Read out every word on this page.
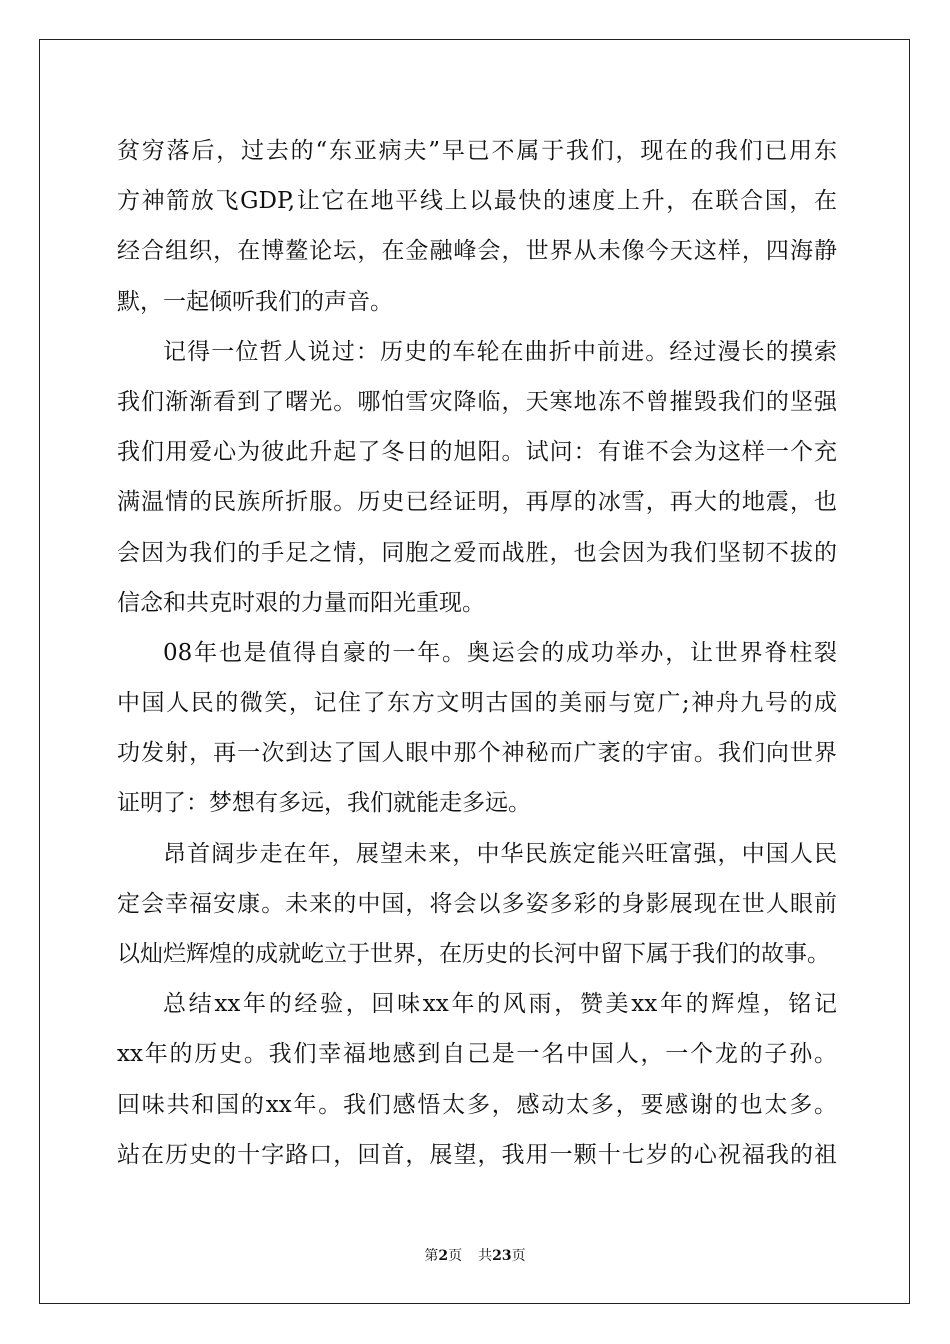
贫穷落后，过去的“东亚病夫”早已不属于我们，现在的我们已用东
方神箭放飞GDP,让它在地平线上以最快的速度上升，在联合国，在
经合组织，在博鳌论坛，在金融峰会，世界从未像今天这样，四海静
默，一起倾听我们的声音。
记得一位哲人说过：历史的车轮在曲折中前进。经过漫长的摸索
我们渐渐看到了曙光。哪怕雪灾降临，天寒地冻不曾摧毁我们的坚强
我们用爱心为彼此升起了冬日的旭阳。试问：有谁不会为这样一个充
满温情的民族所折服。历史已经证明，再厚的冰雪，再大的地震，也
会因为我们的手足之情，同胞之爱而战胜，也会因为我们坚韧不拔的
信念和共克时艰的力量而阳光重现。
08年也是值得自豪的一年。奥运会的成功举办，让世界脊柱裂
中国人民的微笑，记住了东方文明古国的美丽与宽广;神舟九号的成
功发射，再一次到达了国人眼中那个神秘而广袤的宇宙。我们向世界
证明了：梦想有多远，我们就能走多远。
昂首阔步走在年，展望未来，中华民族定能兴旺富强，中国人民
定会幸福安康。未来的中国，将会以多姿多彩的身影展现在世人眼前
以灿烂辉煌的成就屹立于世界，在历史的长河中留下属于我们的故事。
总结xx年的经验，回味xx年的风雨，赞美xx年的辉煌，铭记
xx年的历史。我们幸福地感到自己是一名中国人，一个龙的子孙。
回味共和国的xx年。我们感悟太多，感动太多，要感谢的也太多。
站在历史的十字路口，回首，展望，我用一颗十七岁的心祝福我的祖
第2页 共23页
